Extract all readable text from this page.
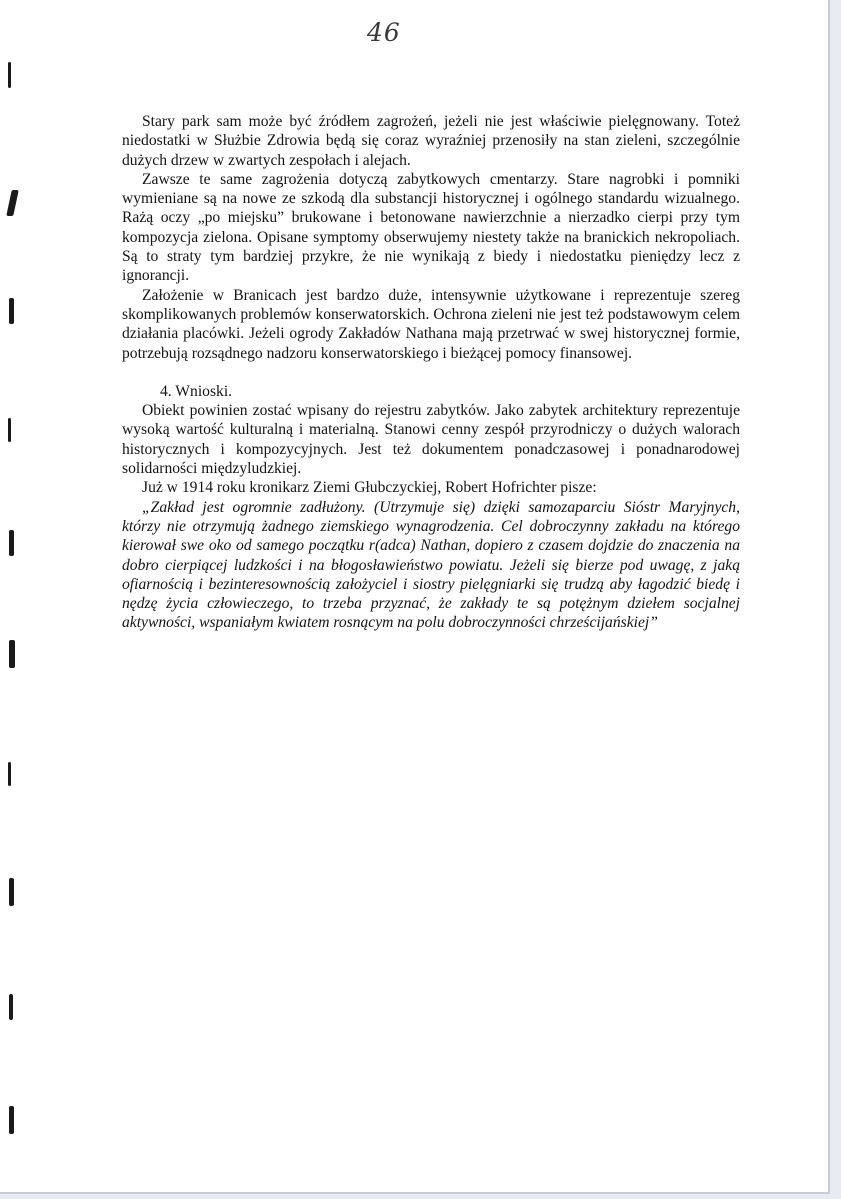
46

Stary park sam może być źródłem zagrożeń, jeżeli nie jest właściwie pielęgnowany. Toteż niedostatki w Służbie Zdrowia będą się coraz wyraźniej przenosiły na stan zieleni, szczególnie dużych drzew w zwartych zespołach i alejach.

Zawsze te same zagrożenia dotyczą zabytkowych cmentarzy. Stare nagrobki i pomniki wymieniane są na nowe ze szkodą dla substancji historycznej i ogólnego standardu wizualnego. Rażą oczy „po miejsku” brukowane i betonowane nawierzchnie a nierzadko cierpi przy tym kompozycja zielona. Opisane symptomy obserwujemy niestety także na branickich nekropoliach. Są to straty tym bardziej przykre, że nie wynikają z biedy i niedostatku pieniędzy lecz z ignorancji.

Założenie w Branicach jest bardzo duże, intensywnie użytkowane i reprezentuje szereg skomplikowanych problemów konserwatorskich. Ochrona zieleni nie jest też podstawowym celem działania placówki. Jeżeli ogrody Zakładów Nathana mają przetrwać w swej historycznej formie, potrzebują rozsądnego nadzoru konserwatorskiego i bieżącej pomocy finansowej.

4. Wnioski.

Obiekt powinien zostać wpisany do rejestru zabytków. Jako zabytek architektury reprezentuje wysoką wartość kulturalną i materialną. Stanowi cenny zespół przyrodniczy o dużych walorach historycznych i kompozycyjnych. Jest też dokumentem ponadczasowej i ponadnarodowej solidarności międzyludzkiej.

Już w 1914 roku kronikarz Ziemi Głubczyckiej, Robert Hofrichter pisze:

„Zakład jest ogromnie zadłużony. (Utrzymuje się) dzięki samozaparciu Sióstr Maryjnych, którzy nie otrzymują żadnego ziemskiego wynagrodzenia. Cel dobroczynny zakładu na którego kierował swe oko od samego początku r(adca) Nathan, dopiero z czasem dojdzie do znaczenia na dobro cierpiącej ludzkości i na błogosławieństwo powiatu. Jeżeli się bierze pod uwagę, z jaką ofiarnością i bezinteresownością założyciel i siostry pielęgniarki się trudzą aby łagodzić biedę i nędzę życia człowieczego, to trzeba przyznać, że zakłady te są potężnym dziełem socjalnej aktywności, wspaniałym kwiatem rosnącym na polu dobroczynności chrześcijańskiej”
